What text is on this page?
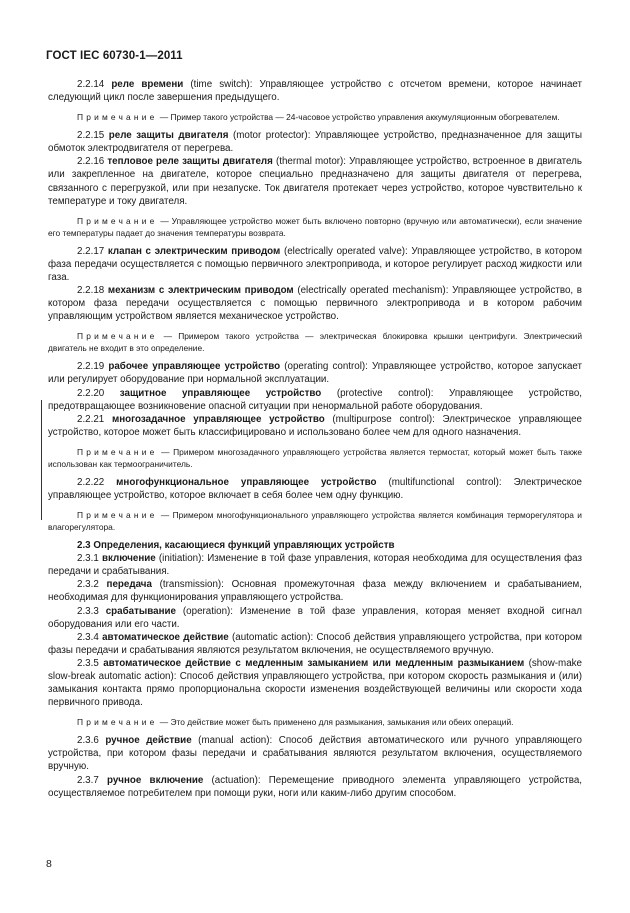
ГОСТ IEC 60730-1—2011

2.2.14 реле времени (time switch): Управляющее устройство с отсчетом времени, которое начинает следующий цикл после завершения предыдущего.

Примечание — Пример такого устройства — 24-часовое устройство управления аккумуляционным обогревателем.

2.2.15 реле защиты двигателя (motor protector): Управляющее устройство, предназначенное для защиты обмоток электродвигателя от перегрева.

2.2.16 тепловое реле защиты двигателя (thermal motor): Управляющее устройство, встроенное в двигатель или закрепленное на двигателе, которое специально предназначено для защиты двигателя от перегрева, связанного с перегрузкой, или при незапуске. Ток двигателя протекает через устройство, которое чувствительно к температуре и току двигателя.

Примечание — Управляющее устройство может быть включено повторно (вручную или автоматически), если значение его температуры падает до значения температуры возврата.

2.2.17 клапан с электрическим приводом (electrically operated valve): Управляющее устройство, в котором фаза передачи осуществляется с помощью первичного электропривода, и которое регулирует расход жидкости или газа.

2.2.18 механизм с электрическим приводом (electrically operated mechanism): Управляющее устройство, в котором фаза передачи осуществляется с помощью первичного электропривода и в котором рабочим управляющим устройством является механическое устройство.

Примечание — Примером такого устройства — электрическая блокировка крышки центрифуги. Электрический двигатель не входит в это определение.

2.2.19 рабочее управляющее устройство (operating control): Управляющее устройство, которое запускает или регулирует оборудование при нормальной эксплуатации.

2.2.20 защитное управляющее устройство (protective control): Управляющее устройство, предотвращающее возникновение опасной ситуации при ненормальной работе оборудования.

2.2.21 многозадачное управляющее устройство (multipurpose control): Электрическое управляющее устройство, которое может быть классифицировано и использовано более чем для одного назначения.

Примечание — Примером многозадачного управляющего устройства является термостат, который может быть также использован как термоограничитель.

2.2.22 многофункциональное управляющее устройство (multifunctional control): Электрическое управляющее устройство, которое включает в себя более чем одну функцию.

Примечание — Примером многофункционального управляющего устройства является комбинация терморегулятора и влагорегулятора.

2.3 Определения, касающиеся функций управляющих устройств

2.3.1 включение (initiation): Изменение в той фазе управления, которая необходима для осуществления фаз передачи и срабатывания.

2.3.2 передача (transmission): Основная промежуточная фаза между включением и срабатыванием, необходимая для функционирования управляющего устройства.

2.3.3 срабатывание (operation): Изменение в той фазе управления, которая меняет входной сигнал оборудования или его части.

2.3.4 автоматическое действие (automatic action): Способ действия управляющего устройства, при котором фазы передачи и срабатывания являются результатом включения, не осуществляемого вручную.

2.3.5 автоматическое действие с медленным замыканием или медленным размыканием (show-make slow-break automatic action): Способ действия управляющего устройства, при котором скорость размыкания и (или) замыкания контакта прямо пропорциональна скорости изменения воздействующей величины или скорости хода первичного привода.

Примечание — Это действие может быть применено для размыкания, замыкания или обеих операций.

2.3.6 ручное действие (manual action): Способ действия автоматического или ручного управляющего устройства, при котором фазы передачи и срабатывания являются результатом включения, осуществляемого вручную.

2.3.7 ручное включение (actuation): Перемещение приводного элемента управляющего устройства, осуществляемое потребителем при помощи руки, ноги или каким-либо другим способом.

8
